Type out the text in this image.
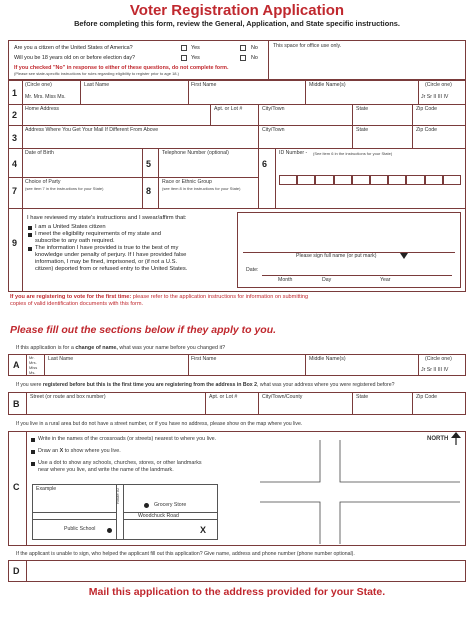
Voter Registration Application
Before completing this form, review the General, Application, and State specific instructions.
Are you a citizen of the United States of America?
Will you be 18 years old on or before election day?
Yes	No
Yes	No
If you checked "No" in response to either of these questions, do not complete form.
(Please see state-specific instructions for rules regarding eligibility to register prior to age 18.)
This space for office use only.
1
(Circle one)
Mr. Mrs. Miss Ms.
Last Name	First Name	Middle Name(s)	(Circle one)
Jr Sr II III IV
2
Home Address	Apt. or Lot #	City/Town	State	Zip Code
3
Address Where You Get Your Mail If Different From Above	City/Town	State	Zip Code
4
Date of Birth
5
Telephone Number (optional)
6
ID Number - (See item 6 in the instructions for your State)
7
Choice of Party
(see item 7 in the instructions for your State)	8
Race or Ethnic Group
(see item 8 in the instructions for your State)
9
I have reviewed my state's instructions and I swear/affirm that:
I am a United States citizen
I meet the eligibility requirements of my state and
subscribe to any oath required.
The information I have provided is true to the best of my
knowledge under penalty of perjury. If I have provided false
information, I may be fined, imprisoned, or (if not a U.S.
citizen) deported from or refused entry to the United States.
Please sign full name (or put mark)
Date:
Month	Day	Year
If you are registering to vote for the first time: please refer to the application instructions for information on submitting
copies of valid identification documents with this form.
Please fill out the sections below if they apply to you.
If this application is for a change of name, what was your name before you changed it?
A
Mr.
Mrs.
Miss
Ms.
Last Name	First Name	Middle Name(s)	(Circle one)
Jr Sr II III IV
If you were registered before but this is the first time you are registering from the address in Box 2, what was your address where you were registered before?
B
Street (or route and box number)	Apt. or Lot #	City/Town/County	State	Zip Code
If you live in a rural area but do not have a street number, or if you have no address, please show on the map where you live.
C
Write in the names of the crossroads (or streets) nearest to where you live.
Draw an X to show where you live.
Use a dot to show any schools, churches, stores, or other landmarks
near where you live, and write the name of the landmark.
Example	Route #2
Grocery Store
Woodchuck Road
Public School	X
NORTH
If the applicant is unable to sign, who helped the applicant fill out this application? Give name, address and phone number (phone number optional).
D
Mail this application to the address provided for your State.
